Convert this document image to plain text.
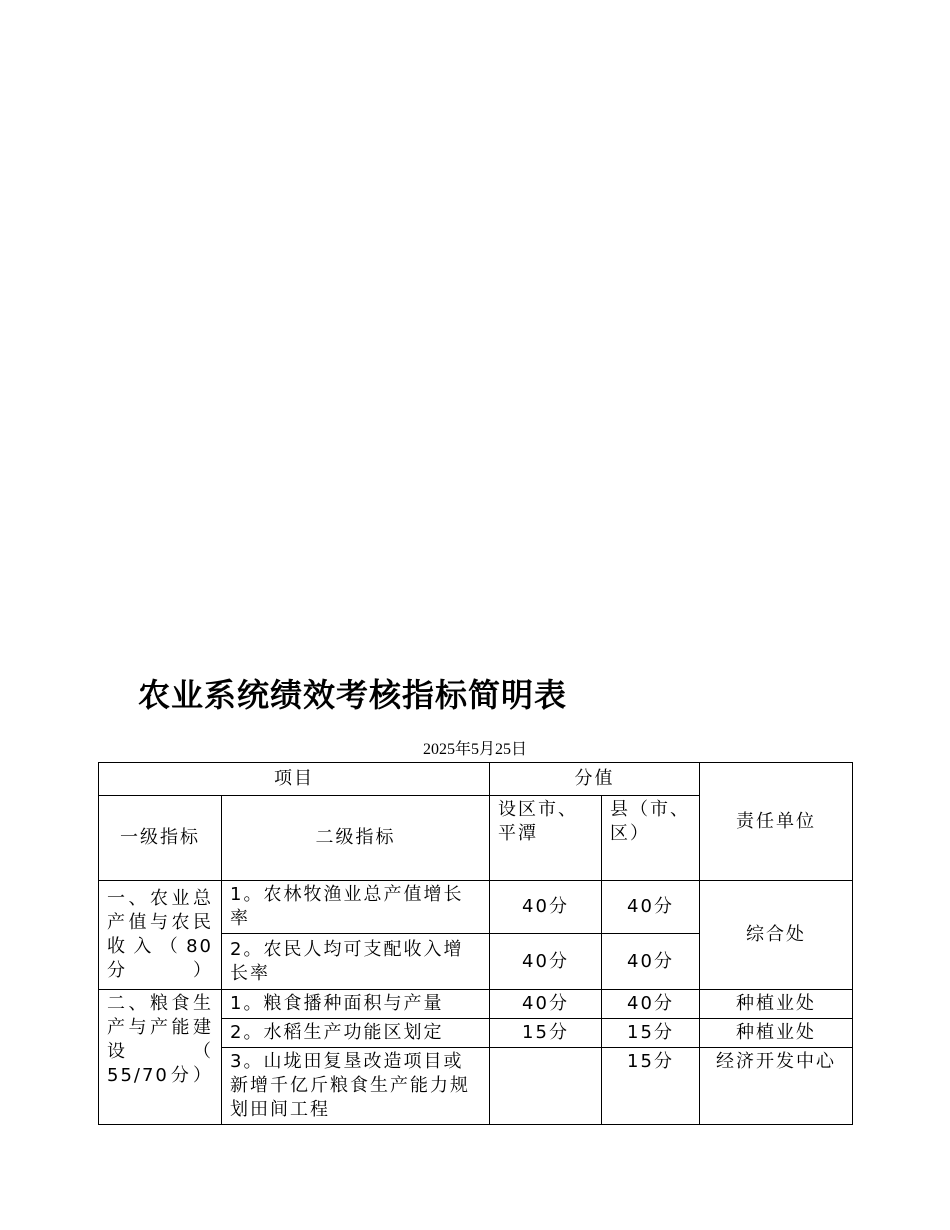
农业系统绩效考核指标简明表
2025年5月25日
项目		分值		责任单位
一级指标	二级指标	设区市、平潭	县（市、区）	
一、农业总产值与农民收入（80分）	1。农林牧渔业总产值增长率	40分	40分	综合处
	2。农民人均可支配收入增长率	40分	40分	
二、粮食生产与产能建设（ 55/70分）	1。粮食播种面积与产量	40分	40分	种植业处
	2。水稻生产功能区划定	15分	15分	种植业处
	3。山垅田复垦改造项目或新增千亿斤粮食生产能力规划田间工程		15分	经济开发中心
